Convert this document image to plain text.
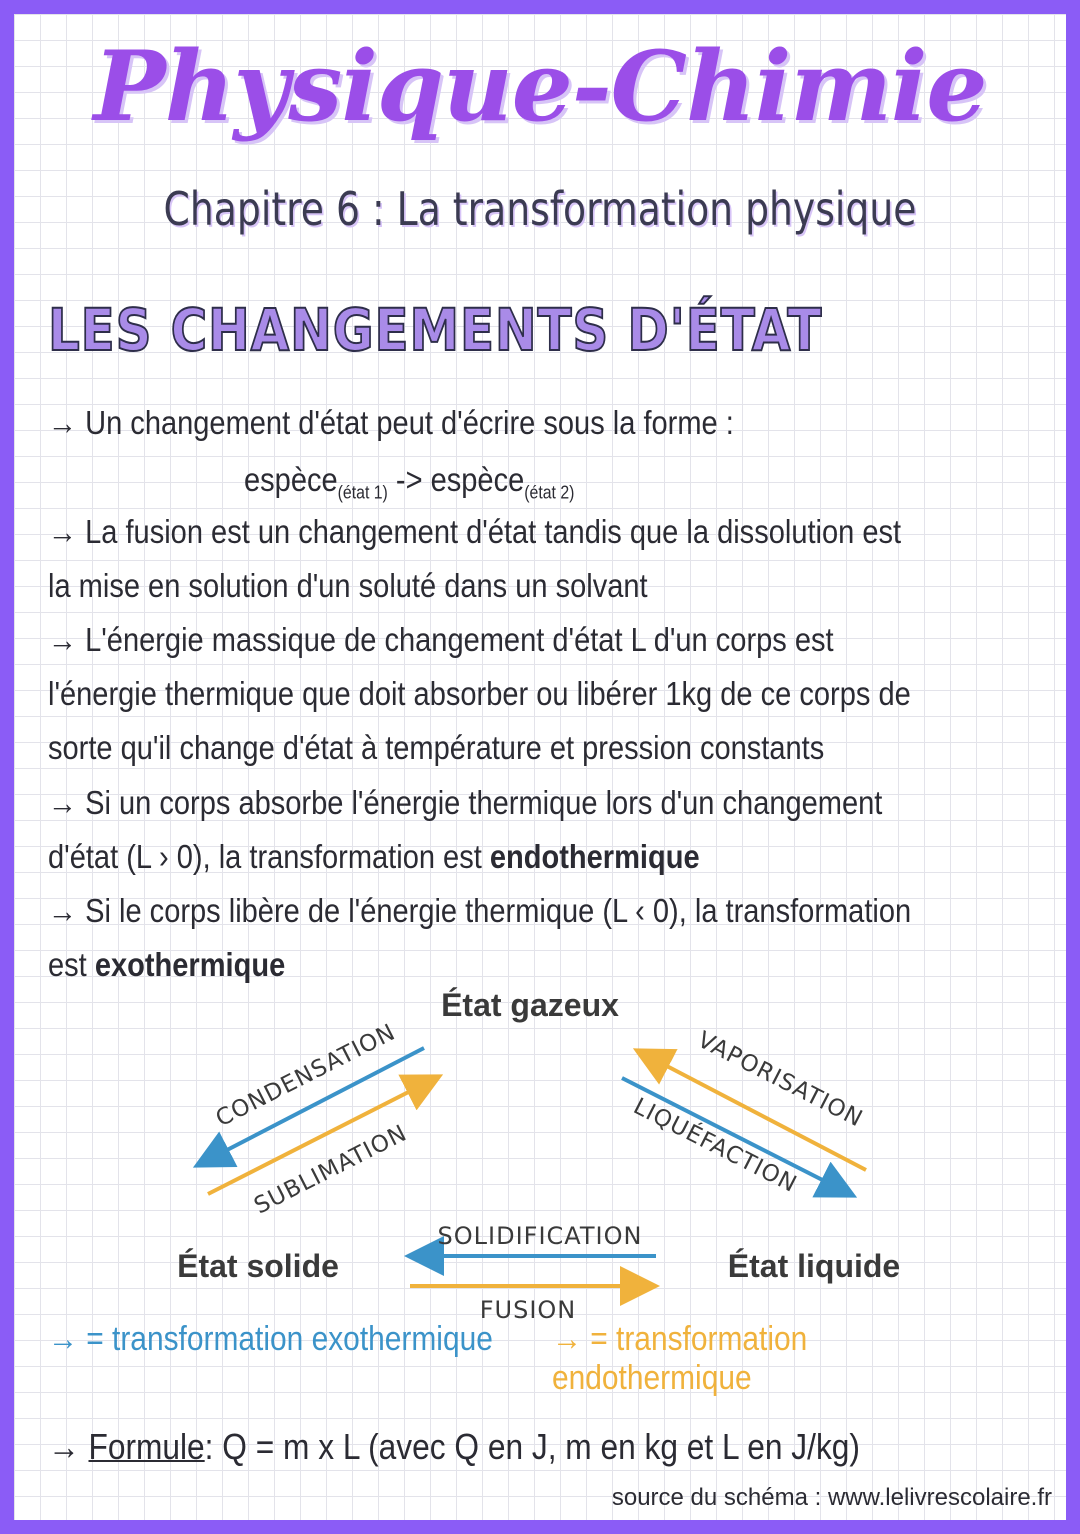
Physique-Chimie
Chapitre 6 : La transformation physique
LES CHANGEMENTS D'ÉTAT
→ Un changement d'état peut d'écrire sous la forme :
espèce$_{(état 1)}$ -> espèce$_{(état 2)}$
→ La fusion est un changement d'état tandis que la dissolution est la mise en solution d'un soluté dans un solvant
→ L'énergie massique de changement d'état L d'un corps est l'énergie thermique que doit absorber ou libérer 1kg de ce corps de sorte qu'il change d'état à température et pression constants
→ Si un corps absorbe l'énergie thermique lors d'un changement d'état (L › 0), la transformation est endothermique
→ Si le corps libère de l'énergie thermique (L ‹ 0), la transformation est exothermique
État gazeux
État solide	État liquide
CONDENSATION
SUBLIMATION
VAPORISATION
LIQUÉFACTION
SOLIDIFICATION
FUSION
→ = transformation exothermique → = transformation endothermique
→ Formule: Q = m x L (avec Q en J, m en kg et L en J/kg)
source du schéma : www.lelivrescolaire.fr
